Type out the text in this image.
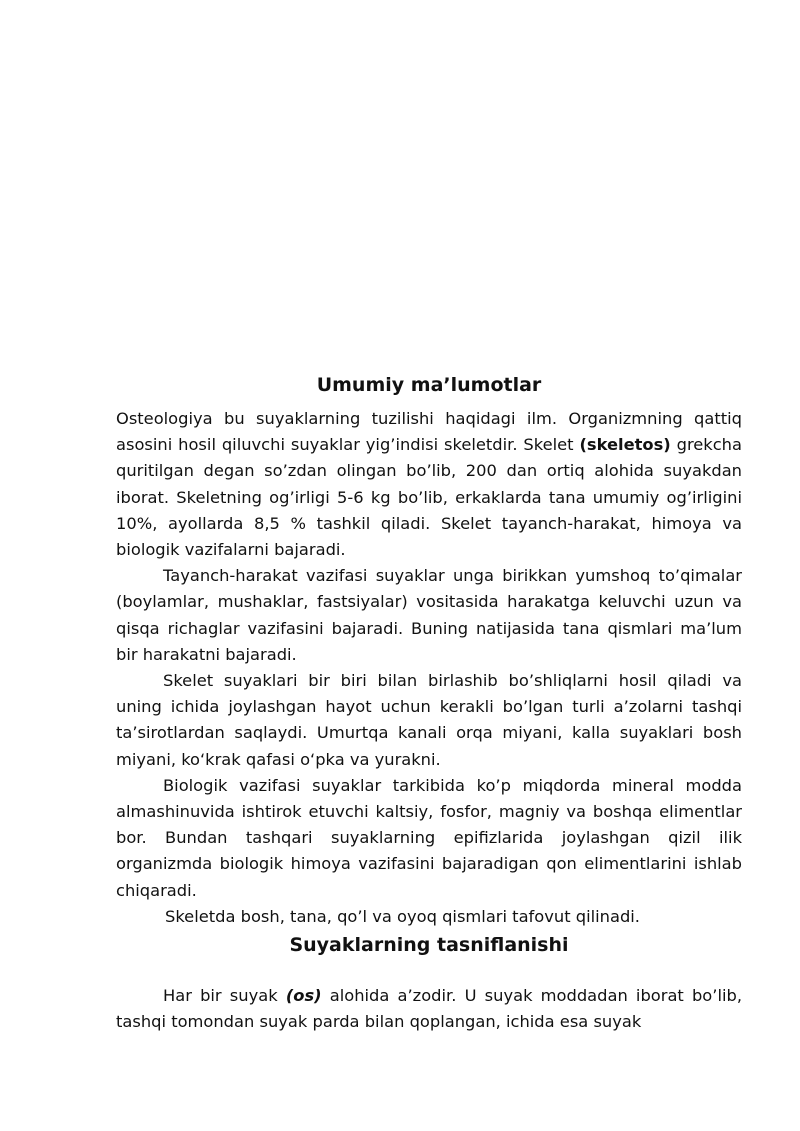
Umumiy ma’lumotlar

Osteologiya bu suyaklarning tuzilishi haqidagi ilm. Organizmning qattiq asosini hosil qiluvchi suyaklar yig’indisi skeletdir. Skelet (skeletos) grekcha quritilgan degan so’zdan olingan bo’lib, 200 dan ortiq alohida suyakdan iborat. Skeletning og’irligi 5-6 kg bo’lib, erkaklarda tana umumiy og’irligini 10%, ayollarda 8,5 % tashkil qiladi. Skelet tayanch-harakat, himoya va biologik vazifalarni bajaradi.

Tayanch-harakat vazifasi suyaklar unga birikkan yumshoq to’qimalar (boylamlar, mushaklar, fastsiyalar) vositasida harakatga keluvchi uzun va qisqa richaglar vazifasini bajaradi. Buning natijasida tana qismlari ma’lum bir harakatni bajaradi.

Skelet suyaklari bir biri bilan birlashib bo’shliqlarni hosil qiladi va uning ichida joylashgan hayot uchun kerakli bo’lgan turli a’zolarni tashqi ta’sirotlardan saqlaydi. Umurtqa kanali orqa miyani, kalla suyaklari bosh miyani, ko‘krak qafasi o‘pka va yurakni.

Biologik vazifasi suyaklar tarkibida ko’p miqdorda mineral modda almashinuvida ishtirok etuvchi kaltsiy, fosfor, magniy va boshqa elimentlar bor. Bundan tashqari suyaklarning epifizlarida joylashgan qizil ilik organizmda biologik himoya vazifasini bajaradigan qon elimentlarini ishlab chiqaradi.

Skeletda bosh, tana, qo’l va oyoq qismlari tafovut qilinadi.

Suyaklarning tasniflanishi

Har bir suyak (os) alohida a’zodir. U suyak moddadan iborat bo’lib, tashqi tomondan suyak parda bilan qoplangan, ichida esa suyak
